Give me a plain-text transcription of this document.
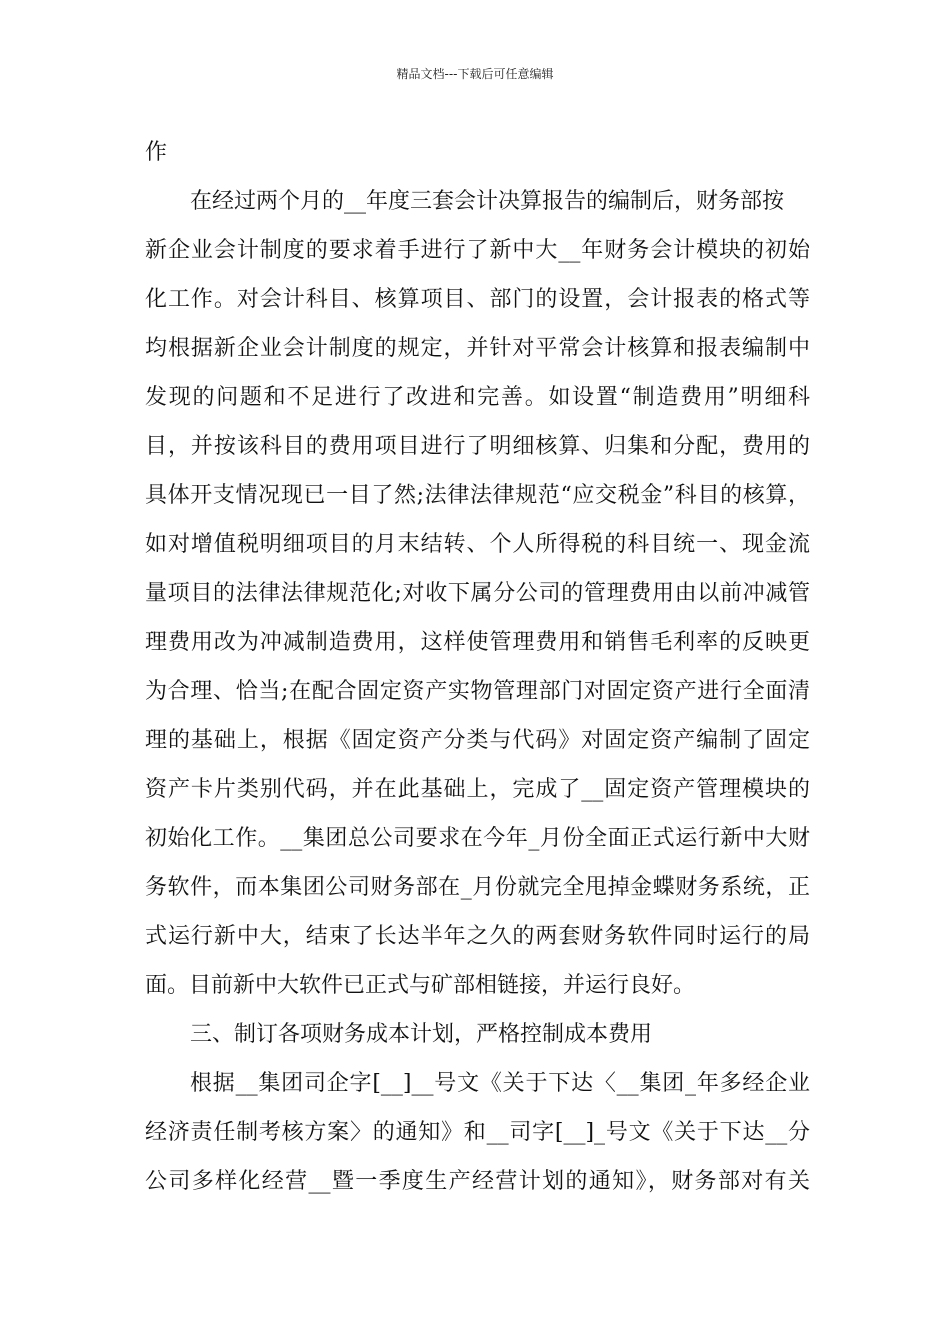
精品文档---下载后可任意编辑
作
在经过两个月的__年度三套会计决算报告的编制后，财务部按
新企业会计制度的要求着手进行了新中大__年财务会计模块的初始
化工作。对会计科目、核算项目、部门的设置，会计报表的格式等
均根据新企业会计制度的规定，并针对平常会计核算和报表编制中
发现的问题和不足进行了改进和完善。如设置“制造费用”明细科
目，并按该科目的费用项目进行了明细核算、归集和分配，费用的
具体开支情况现已一目了然;法律法律规范“应交税金”科目的核算，
如对增值税明细项目的月末结转、个人所得税的科目统一、现金流
量项目的法律法律规范化;对收下属分公司的管理费用由以前冲减管
理费用改为冲减制造费用，这样使管理费用和销售毛利率的反映更
为合理、恰当;在配合固定资产实物管理部门对固定资产进行全面清
理的基础上，根据《固定资产分类与代码》对固定资产编制了固定
资产卡片类别代码，并在此基础上，完成了__固定资产管理模块的
初始化工作。__集团总公司要求在今年_月份全面正式运行新中大财
务软件，而本集团公司财务部在_月份就完全甩掉金蝶财务系统，正
式运行新中大，结束了长达半年之久的两套财务软件同时运行的局
面。目前新中大软件已正式与矿部相链接，并运行良好。
三、制订各项财务成本计划，严格控制成本费用
根据__集团司企字[__]__号文《关于下达〈__集团_年多经企业
经济责任制考核方案〉的通知》和__司字[__]_号文《关于下达__分
公司多样化经营__暨一季度生产经营计划的通知》，财务部对有关
